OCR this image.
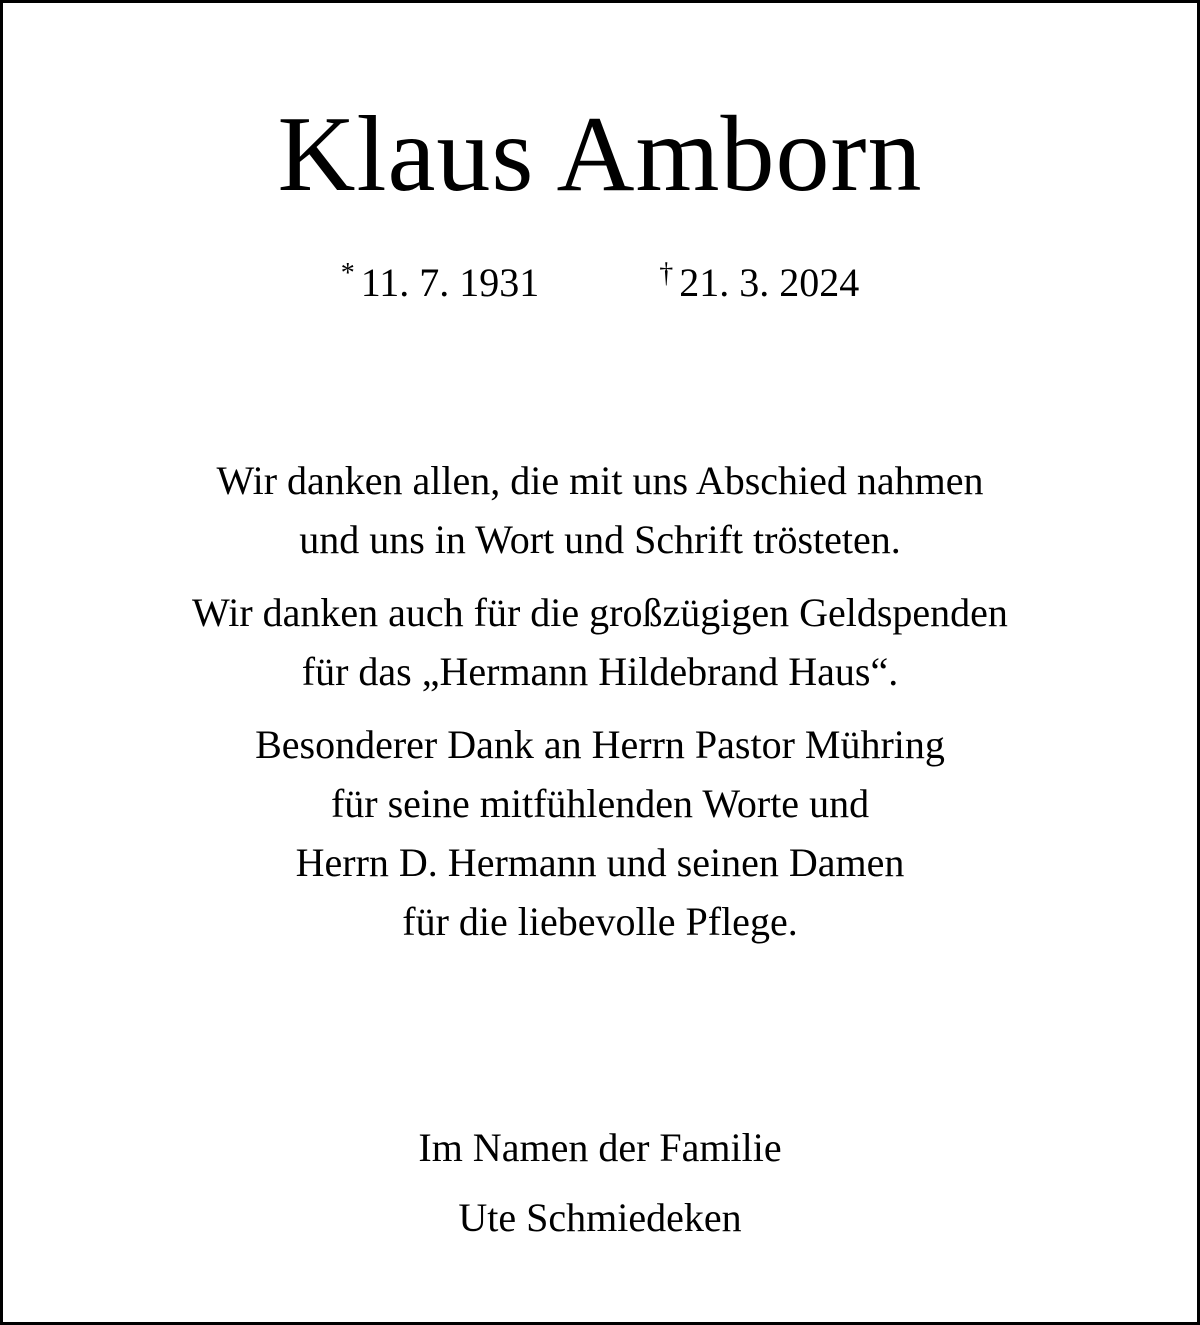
Klaus Amborn
* 11. 7. 1931	† 21. 3. 2024

Wir danken allen, die mit uns Abschied nahmen
und uns in Wort und Schrift trösteten.

Wir danken auch für die großzügigen Geldspenden
für das „Hermann Hildebrand Haus“.

Besonderer Dank an Herrn Pastor Mühring
für seine mitfühlenden Worte und
Herrn D. Hermann und seinen Damen
für die liebevolle Pflege.

Im Namen der Familie
Ute Schmiedeken
